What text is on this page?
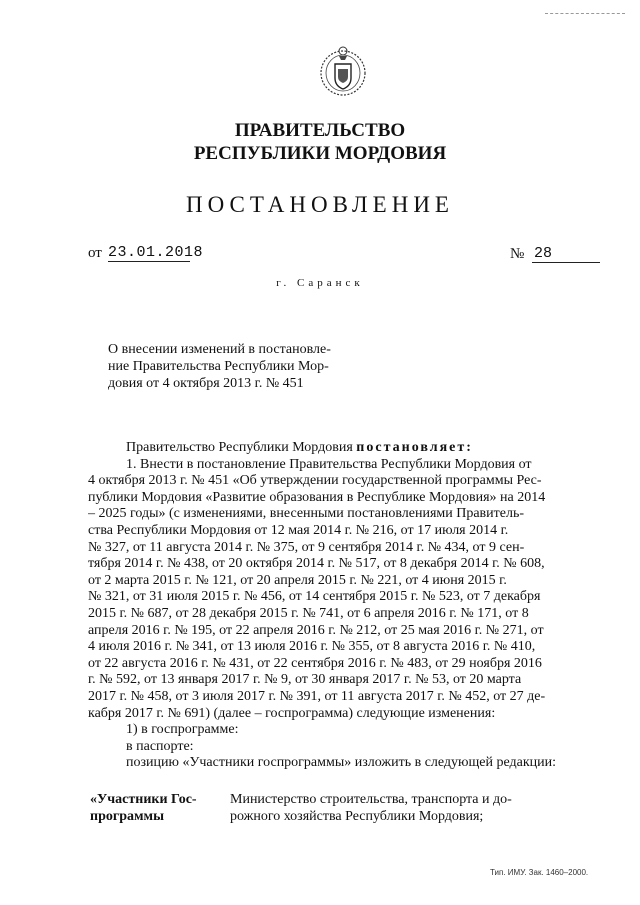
ПРАВИТЕЛЬСТВО
РЕСПУБЛИКИ МОРДОВИЯ
ПОСТАНОВЛЕНИЕ
от 23.01.2018	№ 28
г. Саранск
О внесении изменений в постановле-
ние Правительства Республики Мор-
довия от 4 октября 2013 г. № 451
Правительство Республики Мордовия постановляет:
1. Внести в постановление Правительства Республики Мордовия от
4 октября 2013 г. № 451 «Об утверждении государственной программы Рес-
публики Мордовия «Развитие образования в Республике Мордовия» на 2014
– 2025 годы» (с изменениями, внесенными постановлениями Правитель-
ства Республики Мордовия от 12 мая 2014 г. № 216, от 17 июля 2014 г.
№ 327, от 11 августа 2014 г. № 375, от 9 сентября 2014 г. № 434, от 9 сен-
тября 2014 г. № 438, от 20 октября 2014 г. № 517, от 8 декабря 2014 г. № 608,
от 2 марта 2015 г. № 121, от 20 апреля 2015 г. № 221, от 4 июня 2015 г.
№ 321, от 31 июля 2015 г. № 456, от 14 сентября 2015 г. № 523, от 7 декабря
2015 г. № 687, от 28 декабря 2015 г. № 741, от 6 апреля 2016 г. № 171, от 8
апреля 2016 г. № 195, от 22 апреля 2016 г. № 212, от 25 мая 2016 г. № 271, от
4 июля 2016 г. № 341, от 13 июля 2016 г. № 355, от 8 августа 2016 г. № 410,
от 22 августа 2016 г. № 431, от 22 сентября 2016 г. № 483, от 29 ноября 2016
г. № 592, от 13 января 2017 г. № 9, от 30 января 2017 г. № 53, от 20 марта
2017 г. № 458, от 3 июля 2017 г. № 391, от 11 августа 2017 г. № 452, от 27 де-
кабря 2017 г. № 691) (далее – госпрограмма) следующие изменения:
1) в госпрограмме:
в паспорте:
позицию «Участники госпрограммы» изложить в следующей редакции:
«Участники Гос-
программы
Министерство строительства, транспорта и до-
рожного хозяйства Республики Мордовия;
Тип. ИМУ. Зак. 1460–2000.
